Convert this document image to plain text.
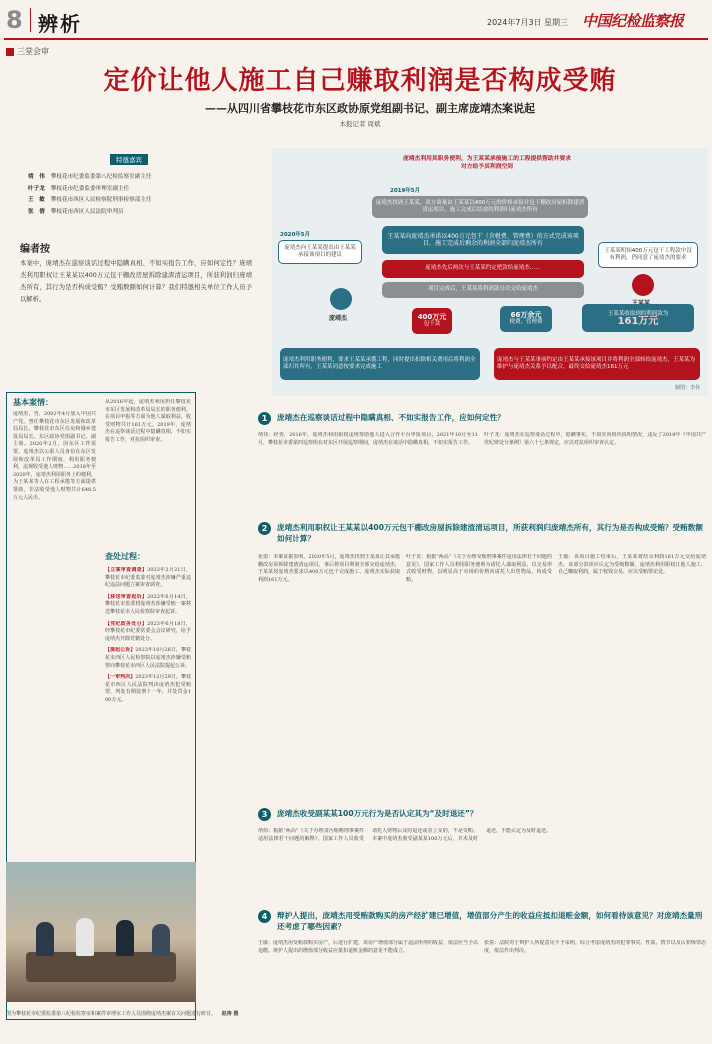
8 辨析	2024年7月3日 星期三 中国纪检监察报
三堂会审
定价让他人施工自己赚取利润是否构成受贿
——从四川省攀枝花市东区政协原党组副书记、副主席庞靖杰案说起
本报记者 周斌
特邀嘉宾
靖　伟 攀枝花市纪委监委第八纪检监察室副主任
叶子龙 攀枝花市纪委监委审理室副主任
王　敏 攀枝花市西区人民检察院刑事检察部主任
张　倩 攀枝花市西区人民法院审判员
编者按
本案中，庞靖杰在巡察谈话过程中隐瞒真相、不如实报告工作，应如何定性？庞靖杰利用职权让王某某以400万元包干棚改房屋拆除建渣清运项目，所获利润归庞靖杰所有，其行为是否构成受贿？受贿数额如何计算？我们特邀相关单位工作人员予以解析。
庞靖杰利用其职务便利，为王某某承接施工的工程提供帮助并要求对方给予其利润空间
2019年5月
庞靖杰找到王某某，双方商量由王某某以400万元的价格承接并包干棚改房屋拆除建渣清运项目，施工完成后结余的利润归庞靖杰所有
王某某向庞靖杰承诺以400万元包干（含税费、管理费）的方式完成该项目，施工完成后剩余的利润全部归庞靖杰所有
庞靖杰先后两次与王某某约定把款给庞靖杰……
项目完成后，王某某将利润款分次交给庞靖杰
2020年5月
庞靖杰向王某某提出由王某某承接该项目的建议
王某某明知400万元包干工程款中没有利润，仍同意了庞靖杰的要求
庞靖杰	400万元
包干款
66万余元
税费、管理费
王某某收取到的利润款为
161万元
庞靖杰利用职务便利，要求王某某承揽工程，同时提出扣除相关费用后将利润全部归其所有，王某某同意按要求完成施工
庞靖杰与王某某事前约定由王某某承接该项目并将利润全部转给庞靖杰，王某某为维护与庞靖杰关系予以配合，最终交给庞靖杰161万元
制图：李谷
基本案情：
庞靖杰，男，2002年4月加入中国共产党。曾任攀枝花市东区发展和改革局局长、攀枝花市东区住房和城乡建设局局长、东区政协党组副书记、副主席。2020年2月，因东区工作需要，庞靖杰以公职人员身份在东区发展和改革局工作期间，利用职务便利，违规收受他人财物……2018年至2020年，庞靖杰利用职务上的便利，为王某某等人在工程承揽等方面提供帮助，非法收受他人财物共计648.5万元人民币。
从2016年起，庞靖杰利用担任攀枝花市东区发展和改革局局长的职务便利，在项目申报等方面为他人谋取利益，收受财物共计161万元。2019年，庞靖杰在巡察谈话过程中隐瞒真相，不如实报告工作，对抗组织审查。
查处过程：
【立案审查调查】2023年2月21日，攀枝花市纪委监委对庞靖杰涉嫌严重违纪违法问题立案审查调查。
【移送审查起诉】2023年6月14日，攀枝花市监委将庞靖杰涉嫌受贿一案移送攀枝花市人民检察院审查起诉。
【党纪政务处分】2023年6月18日，经攀枝花市纪委常委会会议研究，给予庞靖杰开除党籍处分。
【提起公诉】2023年10月26日，攀枝花市西区人民检察院以庞靖杰涉嫌受贿罪向攀枝花市西区人民法院提起公诉。
【一审判决】2023年12月29日，攀枝花市西区人民法院判决庞靖杰犯受贿罪，判处有期徒刑十一年，并处罚金100万元。
1	庞靖杰在巡察谈话过程中隐瞒真相、不如实报告工作，应如何定性？
靖伟：经查，2016年，庞靖杰利用职权违规帮助他人进入合作平台申报项目，2021年10月至11月，攀枝花市委第四巡察组在对东区开展巡察期间，庞靖杰在谈话中隐瞒真相，不如实报告工作。
叶子龙：庞靖杰在巡察谈话过程中，隐瞒事实，不如实向组织说明情况，违反了2018年《中国共产党纪律处分条例》第六十七条规定，应以对抗组织审查认定。
2	庞靖杰利用职权让王某某以400万元包干棚改房屋拆除建渣清运项目，所获利润归庞靖杰所有，其行为是否构成受贿？受贿数额如何计算？
张倩：本案证据表明，2020年5月，庞靖杰找到王某某让其承揽棚改房屋拆除建渣清运项目，事后将项目利润全部交给庞靖杰，王某某按庞靖杰要求以400万元包干完成施工，庞靖杰实际获取利润161万元。
叶子龙：根据“两高”《关于办理受贿刑事案件适用法律若干问题的意见》，国家工作人员利用职务便利为请托人谋取利益，以交易形式收受财物，以明显高于市场的价格向请托人出售物品，构成受贿。
王敏：该项目施工结束后，王某某将结余利润161万元交给庞靖杰，该部分款项应认定为受贿数额。庞靖杰利用职权让他人施工、自己赚取利润，属于权钱交易，应以受贿罪论处。
3	庞靖杰收受副某某100万元行为是否认定其为“及时退还”？
靖伟：根据“两高”《关于办理贪污贿赂刑事案件适用法律若干问题的解释》，国家工作人员收受请托人财物后及时退还或者上交的，不是受贿。本案中庞靖杰收受副某某100万元后，并未及时退还，不能认定为及时退还。
4	辩护人提出，庞靖杰用受贿款购买的房产经扩建已增值，增值部分产生的收益应抵扣退赃金额，如何看待该意见？对庞靖杰量刑还考虑了哪些因素？
王敏：庞靖杰用受贿款购买房产，后进行扩建，该房产增值部分属于违法所得的收益，依法应当予以追缴。辩护人提出的增值部分收益应抵扣退赃金额的意见不能成立。
张倩：法院对于辩护人所提意见不予采纳。综合考虑庞靖杰的犯罪事实、性质、情节以及认罪悔罪态度，依法作出判决。
图为攀枝花市纪委监委第八纪检监察室和案件审理室工作人员围绕庞靖杰案有关问题进行研讨。 赵涛 摄
